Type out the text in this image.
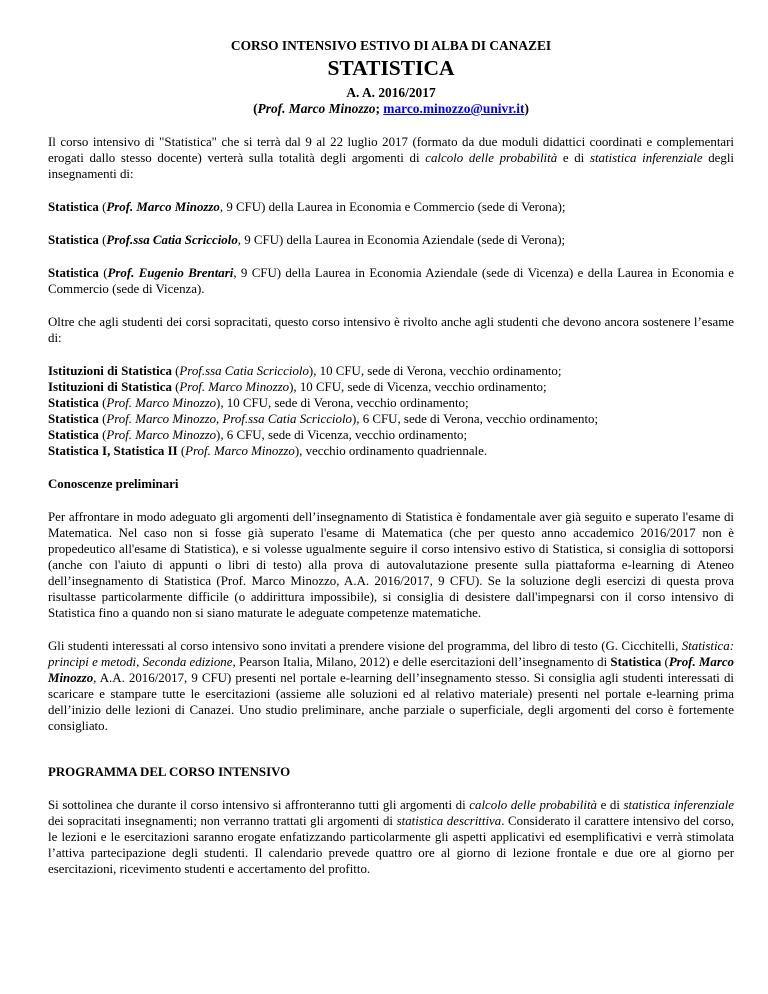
CORSO INTENSIVO ESTIVO DI ALBA DI CANAZEI
STATISTICA
A. A. 2016/2017
(Prof. Marco Minozzo; marco.minozzo@univr.it)

Il corso intensivo di "Statistica" che si terrà dal 9 al 22 luglio 2017 (formato da due moduli didattici coordinati e complementari erogati dallo stesso docente) verterà sulla totalità degli argomenti di calcolo delle probabilità e di statistica inferenziale degli insegnamenti di:

Statistica (Prof. Marco Minozzo, 9 CFU) della Laurea in Economia e Commercio (sede di Verona);

Statistica (Prof.ssa Catia Scricciolo, 9 CFU) della Laurea in Economia Aziendale (sede di Verona);

Statistica (Prof. Eugenio Brentari, 9 CFU) della Laurea in Economia Aziendale (sede di Vicenza) e della Laurea in Economia e Commercio (sede di Vicenza).

Oltre che agli studenti dei corsi sopracitati, questo corso intensivo è rivolto anche agli studenti che devono ancora sostenere l’esame di:

Istituzioni di Statistica (Prof.ssa Catia Scricciolo), 10 CFU, sede di Verona, vecchio ordinamento;
Istituzioni di Statistica (Prof. Marco Minozzo), 10 CFU, sede di Vicenza, vecchio ordinamento;
Statistica (Prof. Marco Minozzo), 10 CFU, sede di Verona, vecchio ordinamento;
Statistica (Prof. Marco Minozzo, Prof.ssa Catia Scricciolo), 6 CFU, sede di Verona, vecchio ordinamento;
Statistica (Prof. Marco Minozzo), 6 CFU, sede di Vicenza, vecchio ordinamento;
Statistica I, Statistica II (Prof. Marco Minozzo), vecchio ordinamento quadriennale.

Conoscenze preliminari

Per affrontare in modo adeguato gli argomenti dell’insegnamento di Statistica è fondamentale aver già seguito e superato l'esame di Matematica. Nel caso non si fosse già superato l'esame di Matematica (che per questo anno accademico 2016/2017 non è propedeutico all'esame di Statistica), e si volesse ugualmente seguire il corso intensivo estivo di Statistica, si consiglia di sottoporsi (anche con l'aiuto di appunti o libri di testo) alla prova di autovalutazione presente sulla piattaforma e-learning di Ateneo dell’insegnamento di Statistica (Prof. Marco Minozzo, A.A. 2016/2017, 9 CFU). Se la soluzione degli esercizi di questa prova risultasse particolarmente difficile (o addirittura impossibile), si consiglia di desistere dall'impegnarsi con il corso intensivo di Statistica fino a quando non si siano maturate le adeguate competenze matematiche.

Gli studenti interessati al corso intensivo sono invitati a prendere visione del programma, del libro di testo (G. Cicchitelli, Statistica: principi e metodi, Seconda edizione, Pearson Italia, Milano, 2012) e delle esercitazioni dell’insegnamento di Statistica (Prof. Marco Minozzo, A.A. 2016/2017, 9 CFU) presenti nel portale e-learning dell’insegnamento stesso. Si consiglia agli studenti interessati di scaricare e stampare tutte le esercitazioni (assieme alle soluzioni ed al relativo materiale) presenti nel portale e-learning prima dell’inizio delle lezioni di Canazei. Uno studio preliminare, anche parziale o superficiale, degli argomenti del corso è fortemente consigliato.

PROGRAMMA DEL CORSO INTENSIVO

Si sottolinea che durante il corso intensivo si affronteranno tutti gli argomenti di calcolo delle probabilità e di statistica inferenziale dei sopracitati insegnamenti; non verranno trattati gli argomenti di statistica descrittiva. Considerato il carattere intensivo del corso, le lezioni e le esercitazioni saranno erogate enfatizzando particolarmente gli aspetti applicativi ed esemplificativi e verrà stimolata l’attiva partecipazione degli studenti. Il calendario prevede quattro ore al giorno di lezione frontale e due ore al giorno per esercitazioni, ricevimento studenti e accertamento del profitto.
